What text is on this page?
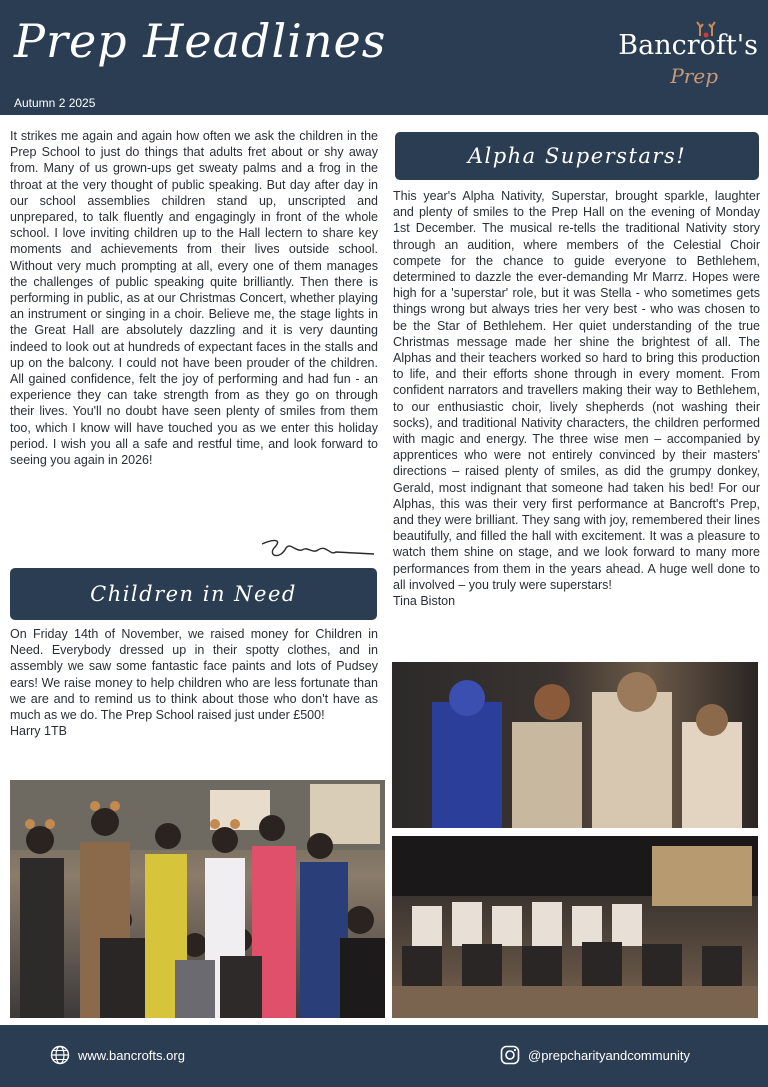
Prep Headlines
Autumn 2 2025
Bancroft's
Prep

It strikes me again and again how often we ask the children in the Prep School to just do things that adults fret about or shy away from. Many of us grown-ups get sweaty palms and a frog in the throat at the very thought of public speaking. But day after day in our school assemblies children stand up, unscripted and unprepared, to talk fluently and engagingly in front of the whole school. I love inviting children up to the Hall lectern to share key moments and achievements from their lives outside school. Without very much prompting at all, every one of them manages the challenges of public speaking quite brilliantly. Then there is performing in public, as at our Christmas Concert, whether playing an instrument or singing in a choir. Believe me, the stage lights in the Great Hall are absolutely dazzling and it is very daunting indeed to look out at hundreds of expectant faces in the stalls and up on the balcony. I could not have been prouder of the children. All gained confidence, felt the joy of performing and had fun - an experience they can take strength from as they go on through their lives. You'll no doubt have seen plenty of smiles from them too, which I know will have touched you as we enter this holiday period. I wish you all a safe and restful time, and look forward to seeing you again in 2026!

Children in Need

On Friday 14th of November, we raised money for Children in Need. Everybody dressed up in their spotty clothes, and in assembly we saw some fantastic face paints and lots of Pudsey ears! We raise money to help children who are less fortunate than we are and to remind us to think about those who don't have as much as we do. The Prep School raised just under £500!

Harry 1TB

Alpha Superstars!

This year's Alpha Nativity, Superstar, brought sparkle, laughter and plenty of smiles to the Prep Hall on the evening of Monday 1st December. The musical re-tells the traditional Nativity story through an audition, where members of the Celestial Choir compete for the chance to guide everyone to Bethlehem, determined to dazzle the ever-demanding Mr Marrz. Hopes were high for a 'superstar' role, but it was Stella - who sometimes gets things wrong but always tries her very best - who was chosen to be the Star of Bethlehem. Her quiet understanding of the true Christmas message made her shine the brightest of all. The Alphas and their teachers worked so hard to bring this production to life, and their efforts shone through in every moment. From confident narrators and travellers making their way to Bethlehem, to our enthusiastic choir, lively shepherds (not washing their socks), and traditional Nativity characters, the children performed with magic and energy. The three wise men – accompanied by apprentices who were not entirely convinced by their masters' directions – raised plenty of smiles, as did the grumpy donkey, Gerald, most indignant that someone had taken his bed! For our Alphas, this was their very first performance at Bancroft's Prep, and they were brilliant. They sang with joy, remembered their lines beautifully, and filled the hall with excitement. It was a pleasure to watch them shine on stage, and we look forward to many more performances from them in the years ahead. A huge well done to all involved – you truly were superstars!

Tina Biston

www.bancrofts.org	@prepcharityandcommunity
